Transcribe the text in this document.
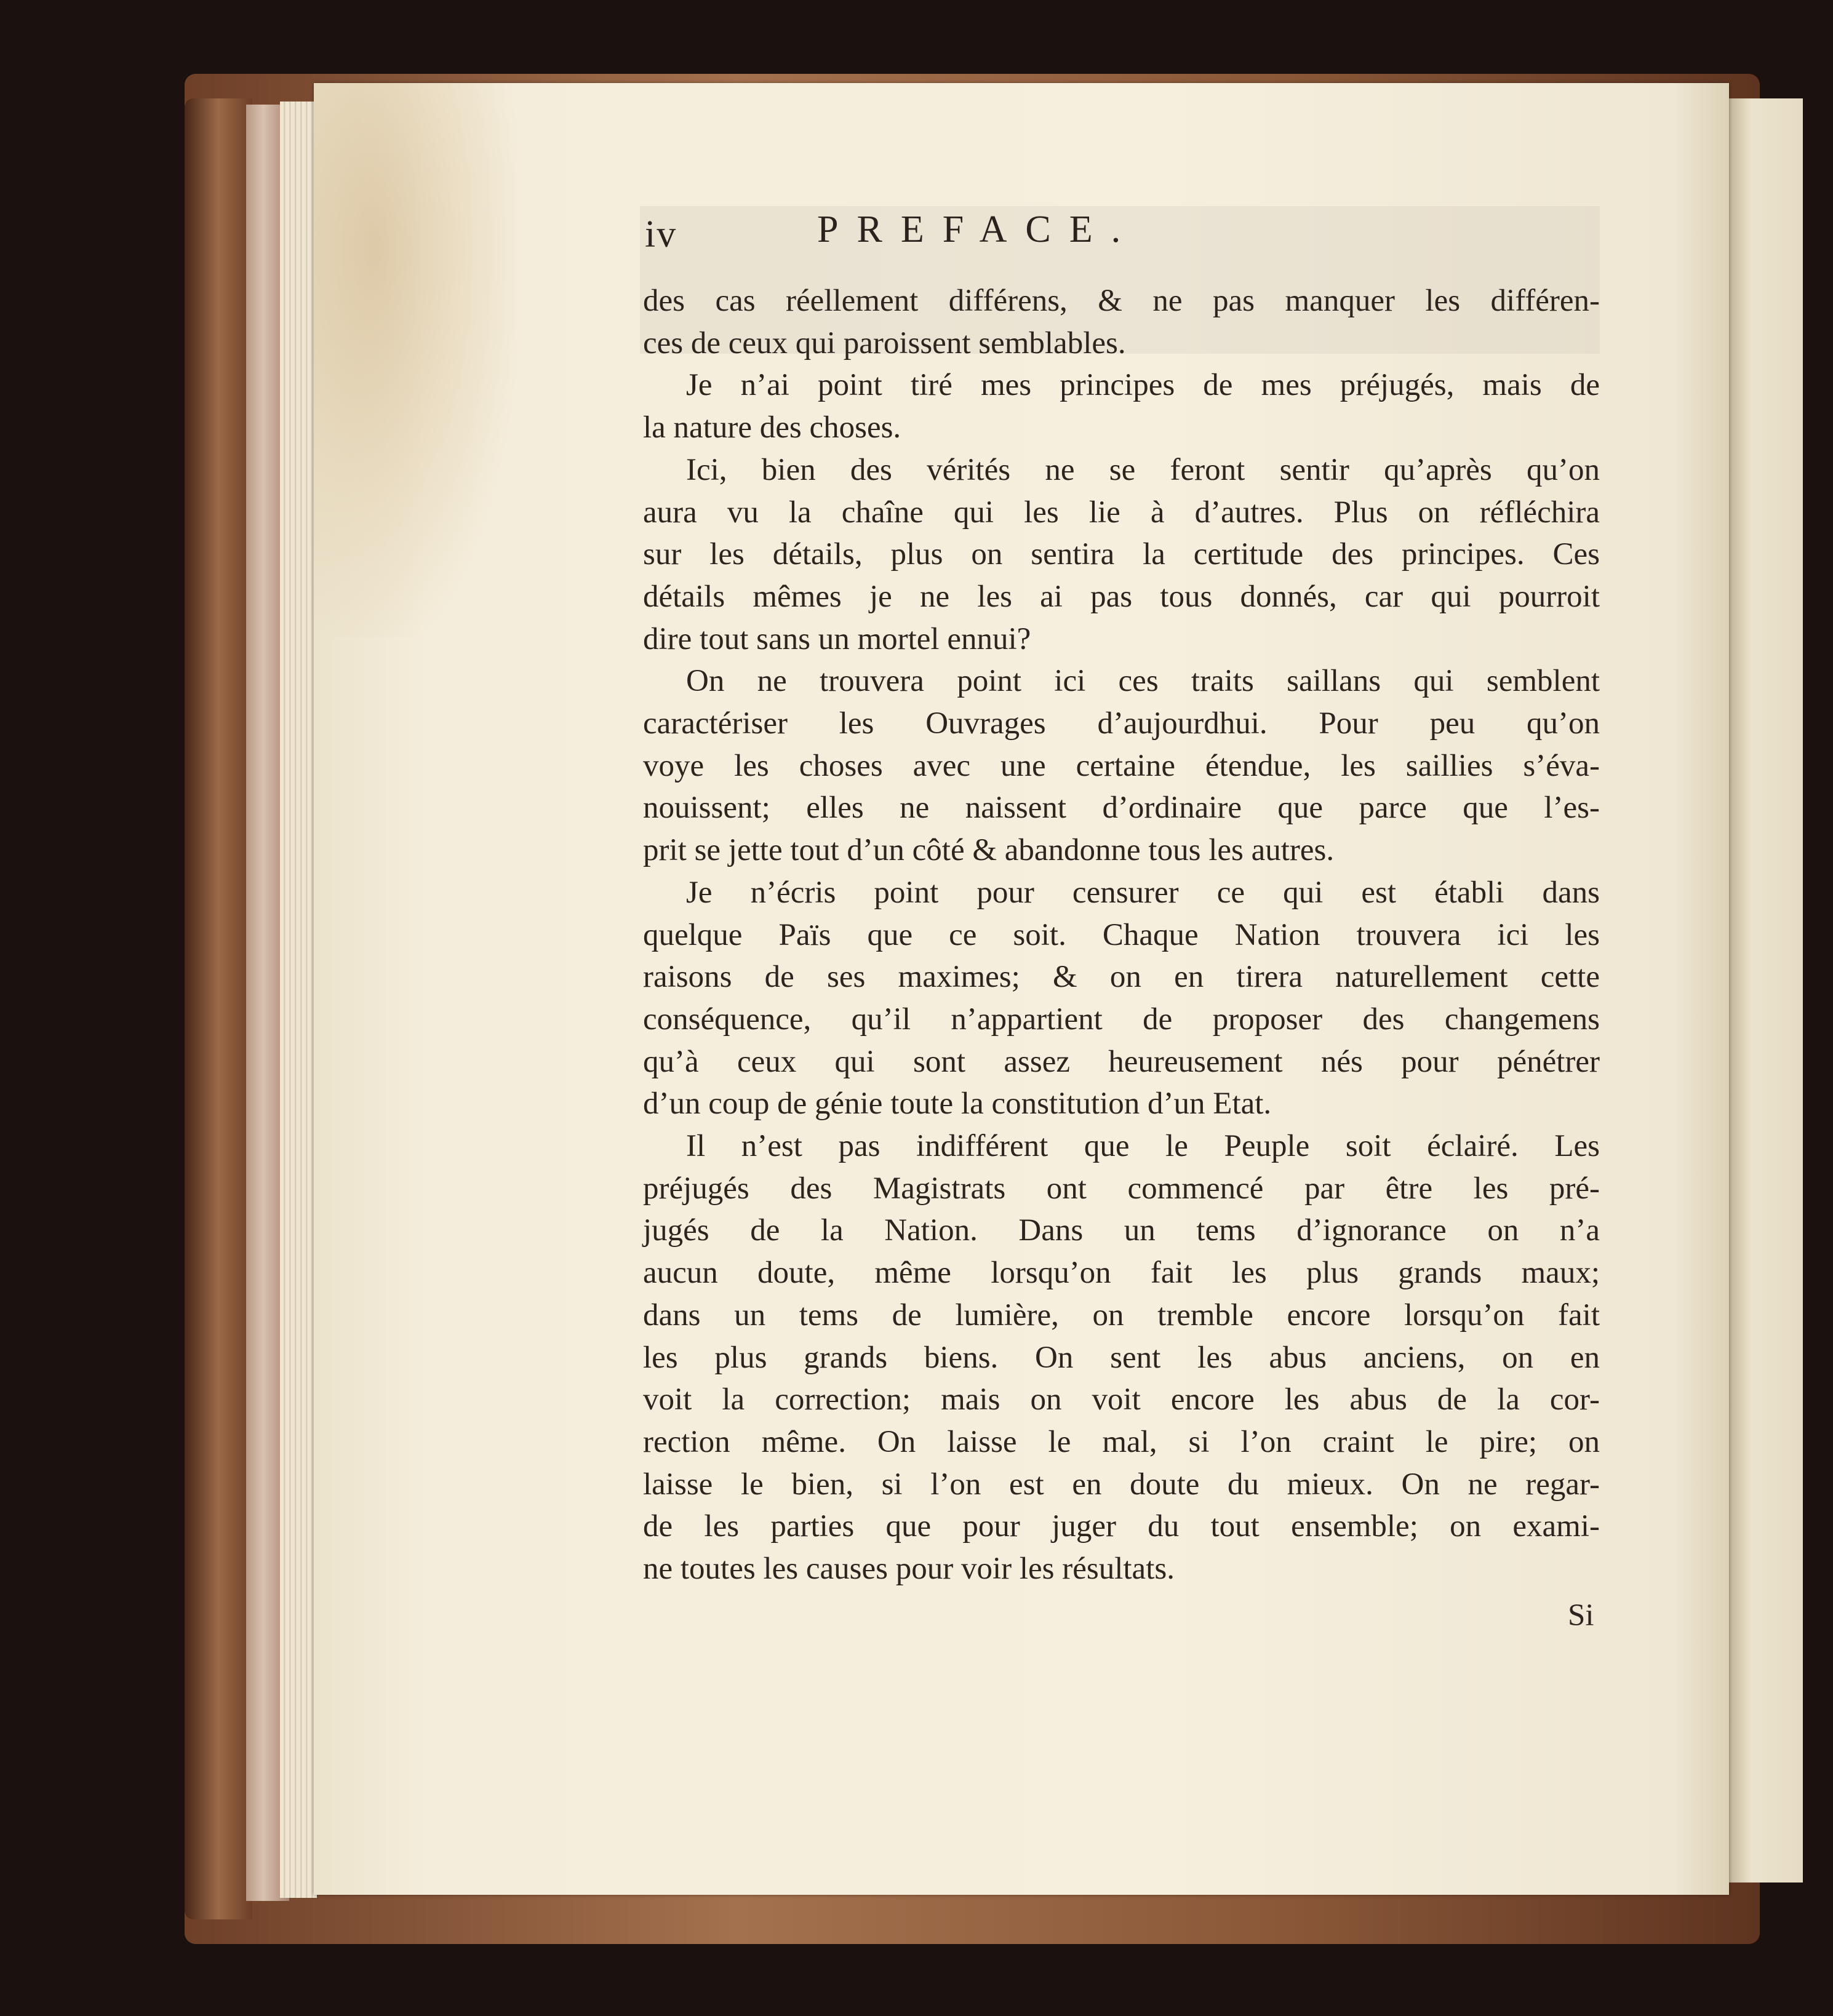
iv	PREFACE.
des cas réellement différens, & ne pas manquer les différen-
ces de ceux qui paroissent semblables.
Je n’ai point tiré mes principes de mes préjugés, mais de
la nature des choses.
Ici, bien des vérités ne se feront sentir qu’après qu’on
aura vu la chaîne qui les lie à d’autres. Plus on réfléchira
sur les détails, plus on sentira la certitude des principes. Ces
détails mêmes je ne les ai pas tous donnés, car qui pourroit
dire tout sans un mortel ennui?
On ne trouvera point ici ces traits saillans qui semblent
caractériser les Ouvrages d’aujourdhui. Pour peu qu’on
voye les choses avec une certaine étendue, les saillies s’éva-
nouissent; elles ne naissent d’ordinaire que parce que l’es-
prit se jette tout d’un côté & abandonne tous les autres.
Je n’écris point pour censurer ce qui est établi dans
quelque Païs que ce soit. Chaque Nation trouvera ici les
raisons de ses maximes; & on en tirera naturellement cette
conséquence, qu’il n’appartient de proposer des changemens
qu’à ceux qui sont assez heureusement nés pour pénétrer
d’un coup de génie toute la constitution d’un Etat.
Il n’est pas indifférent que le Peuple soit éclairé. Les
préjugés des Magistrats ont commencé par être les pré-
jugés de la Nation. Dans un tems d’ignorance on n’a
aucun doute, même lorsqu’on fait les plus grands maux;
dans un tems de lumière, on tremble encore lorsqu’on fait
les plus grands biens. On sent les abus anciens, on en
voit la correction; mais on voit encore les abus de la cor-
rection même. On laisse le mal, si l’on craint le pire; on
laisse le bien, si l’on est en doute du mieux. On ne regar-
de les parties que pour juger du tout ensemble; on exami-
ne toutes les causes pour voir les résultats.
Si
